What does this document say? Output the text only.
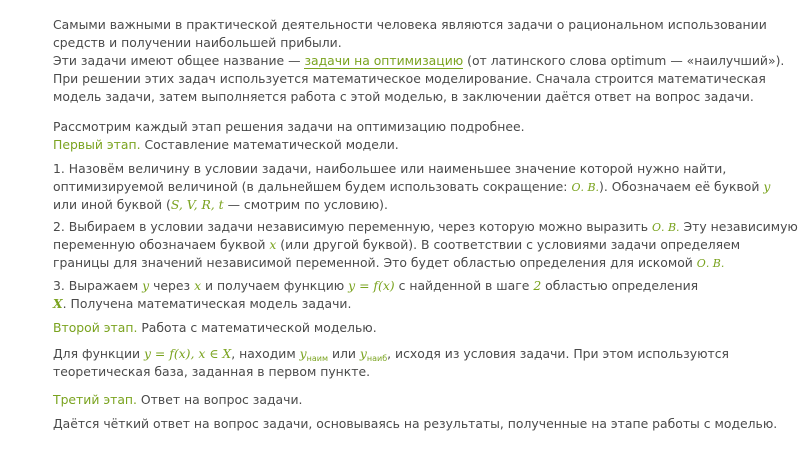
Самыми важными в практической деятельности человека являются задачи о рациональном использовании
средств и получении наибольшей прибыли.
Эти задачи имеют общее название — задачи на оптимизацию (от латинского слова optimum — «наилучший»).
При решении этих задач используется математическое моделирование. Сначала строится математическая
модель задачи, затем выполняется работа с этой моделью, в заключении даётся ответ на вопрос задачи.
Рассмотрим каждый этап решения задачи на оптимизацию подробнее.
Первый этап. Составление математической модели.
1. Назовём величину в условии задачи, наибольшее или наименьшее значение которой нужно найти,
оптимизируемой величиной (в дальнейшем будем использовать сокращение: О. В.). Обозначаем её буквой y
или иной буквой (S, V, R, t — смотрим по условию).
2. Выбираем в условии задачи независимую переменную, через которую можно выразить О. В. Эту независимую
переменную обозначаем буквой x (или другой буквой). В соответствии с условиями задачи определяем
границы для значений независимой переменной. Это будет областью определения для искомой О. В.
3. Выражаем y через x и получаем функцию y = f(x) с найденной в шаге 2 областью определения
X. Получена математическая модель задачи.
Второй этап. Работа с математической моделью.
Для функции y = f(x), x ∈ X, находим $y_{наим}$ или $y_{наиб}$, исходя из условия задачи. При этом используются
теоретическая база, заданная в первом пункте.
Третий этап. Ответ на вопрос задачи.
Даётся чёткий ответ на вопрос задачи, основываясь на результаты, полученные на этапе работы с моделью.
